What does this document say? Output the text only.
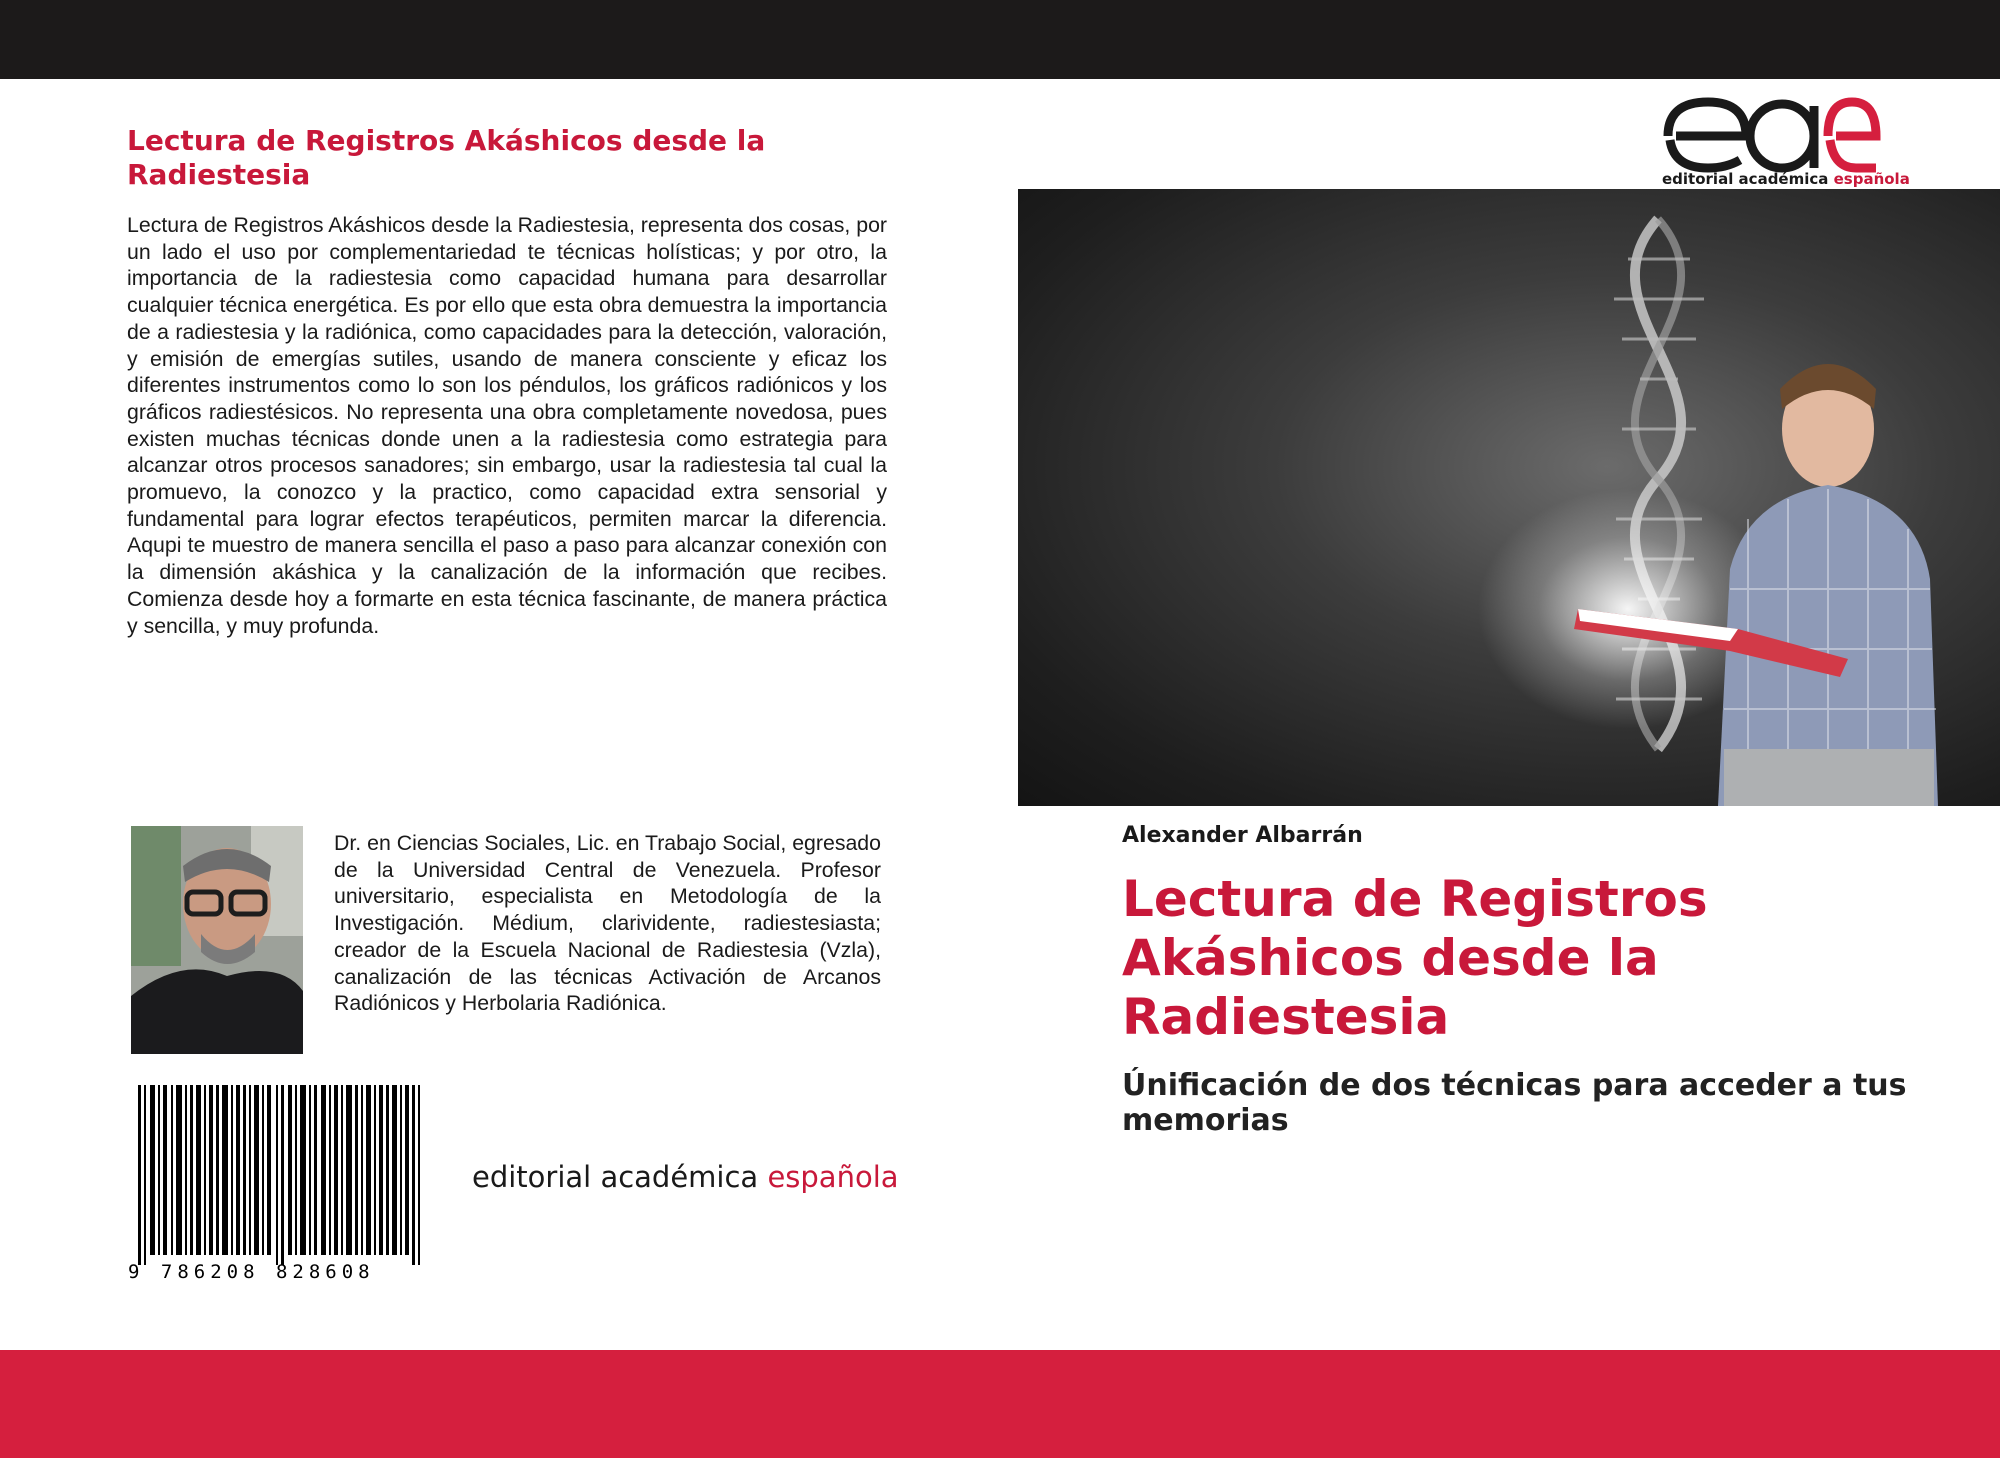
Lectura de Registros Akáshicos desde la Radiestesia
Lectura de Registros Akáshicos desde la Radiestesia, representa dos cosas, por un lado el uso por complementariedad te técnicas holísticas; y por otro, la importancia de la radiestesia como capacidad humana para desarrollar cualquier técnica energética. Es por ello que esta obra demuestra la importancia de a radiestesia y la radiónica, como capacidades para la detección, valoración, y emisión de emergías sutiles, usando de manera consciente y eficaz los diferentes instrumentos como lo son los péndulos, los gráficos radiónicos y los gráficos radiestésicos. No representa una obra completamente novedosa, pues existen muchas técnicas donde unen a la radiestesia como estrategia para alcanzar otros procesos sanadores; sin embargo, usar la radiestesia tal cual la promuevo, la conozco y la practico, como capacidad extra sensorial y fundamental para lograr efectos terapéuticos, permiten marcar la diferencia. Aqupi te muestro de manera sencilla el paso a paso para alcanzar conexión con la dimensión akáshica y la canalización de la información que recibes. Comienza desde hoy a formarte en esta técnica fascinante, de manera práctica y sencilla, y muy profunda.
Dr. en Ciencias Sociales, Lic. en Trabajo Social, egresado de la Universidad Central de Venezuela. Profesor universitario, especialista en Metodología de la Investigación. Médium, clarividente, radiestesiasta; creador de la Escuela Nacional de Radiestesia (Vzla), canalización de las técnicas Activación de Arcanos Radiónicos y Herbolaria Radiónica.
9 786208 828608
editorial académica española
editorial académica española
Alexander Albarrán
Lectura de Registros Akáshicos desde la Radiestesia
Únificación de dos técnicas para acceder a tus memorias
